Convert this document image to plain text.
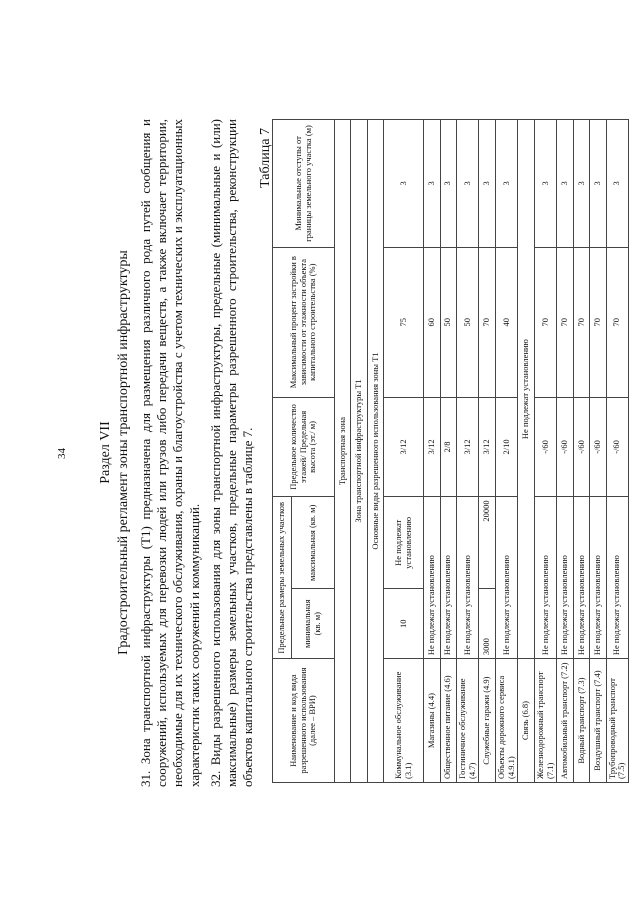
34 Раздел VII Градостроительный регламент зоны транспортной инфраструктуры 31. Зона транспортной инфраструктуры (Т1) предназначена для размещения различного рода путей сообщения и сооружений, используемых для перевозки людей или грузов либо передачи веществ, а также включает территории, необходимые для их технического обслуживания, охраны и благоустройства с учетом технических и эксплуатационных характеристик таких сооружений и коммуникаций. 32. Виды разрешенного использования для зоны транспортной инфраструктуры, предельные (минимальные и (или) максимальные) размеры земельных участков, предельные параметры разрешенного строительства, реконструкции объектов капитального строительства представлены в таблице 7.
Таблица 7
Наименование и код вида разрешенного использования (далее – ВРИ)	Предельные размеры земельных участков		Предельное количество этажей/ Предельная высота (эт./ м)	Максимальный процент застройки в зависимости от этажности объекта капитального строительства (%)	Минимальные отступы от границы земельного участка (м)
	минимальная (кв. м)	максимальная (кв. м)			
Транспортная зона					
Зона транспортной инфраструктуры Т1					
Основные виды разрешенного использования зоны Т1					
Коммунальное обслуживание (3.1)	10	Не подлежат установлению	3/12	75	3
Магазины (4.4)	Не подлежат установлению		3/12	60	3
Общественное питание (4.6)	Не подлежат установлению		2/8	50	3
Гостиничное обслуживание (4.7)	Не подлежат установлению		3/12	50	3
Служебные гаражи (4.9)	3000	20000	3/12	70	3
Объекты дорожного сервиса (4.9.1)	Не подлежат установлению		2/10	40	3
Связь (6.8)	Не подлежат установлению				
Железнодорожный транспорт (7.1)	Не подлежат установлению		-/60	70	3
Автомобильный транспорт (7.2)	Не подлежат установлению		-/60	70	3
Водный транспорт (7.3)	Не подлежат установлению		-/60	70	3
Воздушный транспорт (7.4)	Не подлежат установлению		-/60	70	3
Трубопроводный транспорт (7.5)	Не подлежат установлению		-/60	70	3
